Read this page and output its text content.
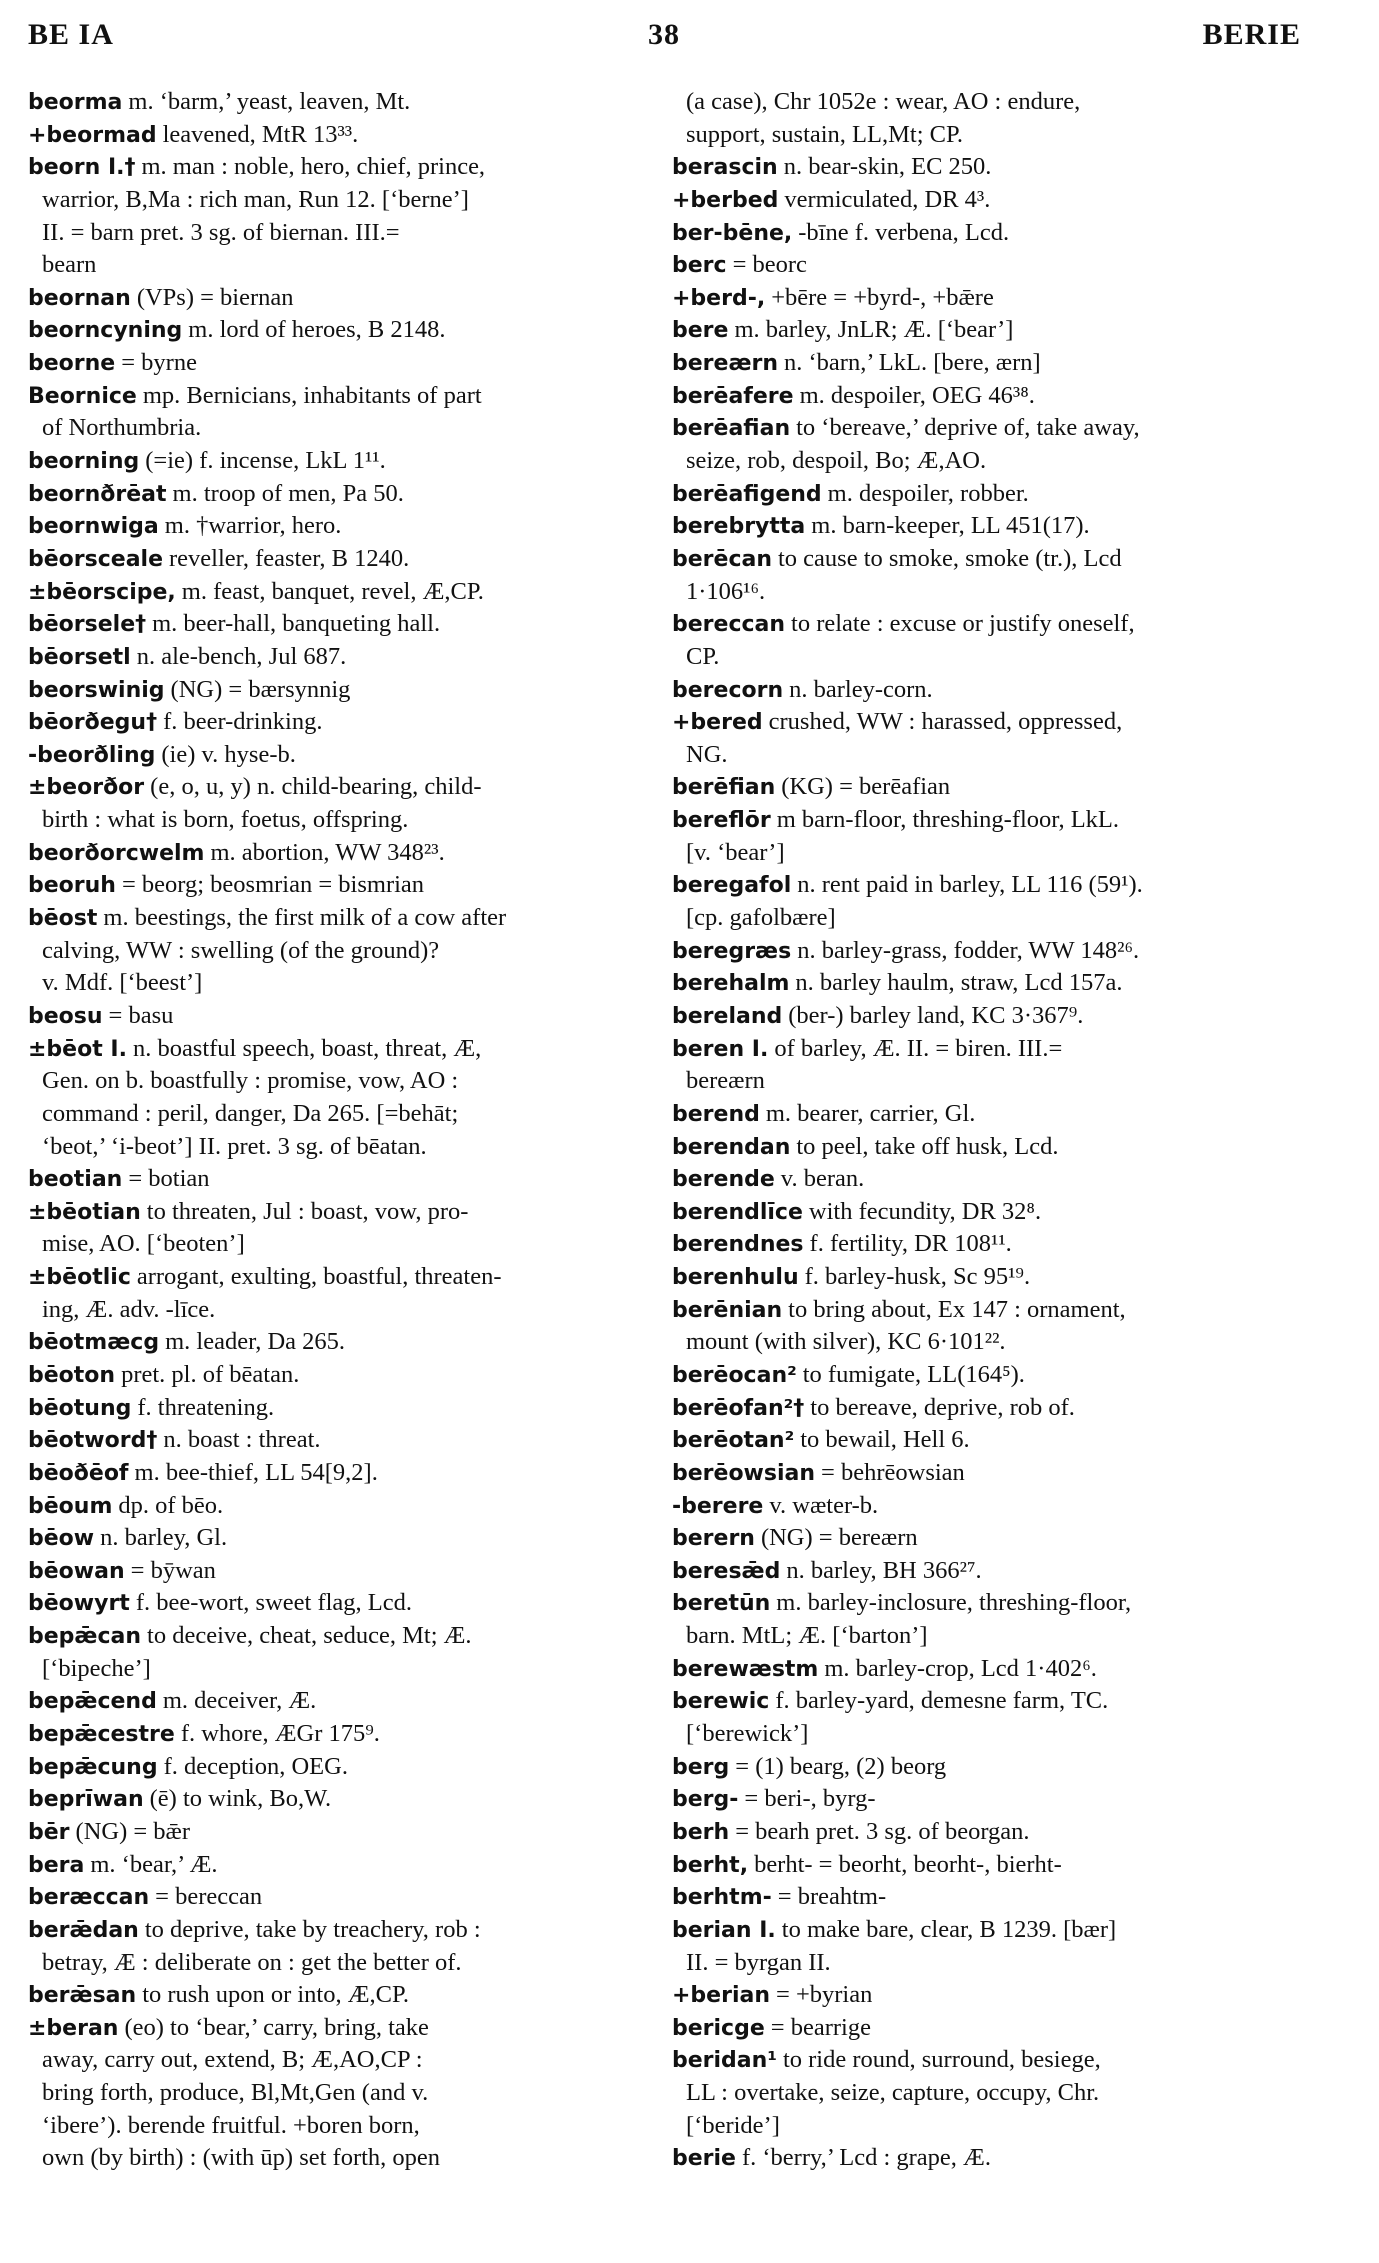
BE IA	38	BERIE
beorma m. ‘barm,’ yeast, leaven, Mt.
+beormad leavened, MtR 13³³.
beorn I.† m. man : noble, hero, chief, prince,
warrior, B,Ma : rich man, Run 12. [‘berne’]
II. = barn pret. 3 sg. of biernan. III.=
bearn
beornan (VPs) = biernan
beorncyning m. lord of heroes, B 2148.
beorne = byrne
Beornice mp. Bernicians, inhabitants of part
of Northumbria.
beorning (=ie) f. incense, LkL 1¹¹.
beornðrēat m. troop of men, Pa 50.
beornwiga m. †warrior, hero.
bēorsceale reveller, feaster, B 1240.
±bēorscipe, m. feast, banquet, revel, Æ,CP.
bēorsele† m. beer-hall, banqueting hall.
bēorsetl n. ale-bench, Jul 687.
beorswinig (NG) = bærsynnig
bēorðegu† f. beer-drinking.
-beorðling (ie) v. hyse-b.
±beorðor (e, o, u, y) n. child-bearing, child-
birth : what is born, foetus, offspring.
beorðorcwelm m. abortion, WW 348²³.
beoruh = beorg; beosmrian = bismrian
bēost m. beestings, the first milk of a cow after
calving, WW : swelling (of the ground)?
v. Mdf. [‘beest’]
beosu = basu
±bēot I. n. boastful speech, boast, threat, Æ,
Gen. on b. boastfully : promise, vow, AO :
command : peril, danger, Da 265. [=behāt;
‘beot,’ ‘i-beot’] II. pret. 3 sg. of bēatan.
beotian = botian
±bēotian to threaten, Jul : boast, vow, pro-
mise, AO. [‘beoten’]
±bēotlic arrogant, exulting, boastful, threaten-
ing, Æ. adv. -līce.
bēotmæcg m. leader, Da 265.
bēoton pret. pl. of bēatan.
bēotung f. threatening.
bēotword† n. boast : threat.
bēoðēof m. bee-thief, LL 54[9,2].
bēoum dp. of bēo.
bēow n. barley, Gl.
bēowan = bȳwan
bēowyrt f. bee-wort, sweet flag, Lcd.
bepǣcan to deceive, cheat, seduce, Mt; Æ.
[‘bipeche’]
bepǣcend m. deceiver, Æ.
bepǣcestre f. whore, ÆGr 175⁹.
bepǣcung f. deception, OEG.
beprīwan (ē) to wink, Bo,W.
bēr (NG) = bǣr
bera m. ‘bear,’ Æ.
beræccan = bereccan
berǣdan to deprive, take by treachery, rob :
betray, Æ : deliberate on : get the better of.
berǣsan to rush upon or into, Æ,CP.
±beran (eo) to ‘bear,’ carry, bring, take
away, carry out, extend, B; Æ,AO,CP :
bring forth, produce, Bl,Mt,Gen (and v.
‘ibere’). berende fruitful. +boren born,
own (by birth) : (with ūp) set forth, open
(a case), Chr 1052e : wear, AO : endure,
support, sustain, LL,Mt; CP.
berascin n. bear-skin, EC 250.
+berbed vermiculated, DR 4³.
ber-bēne, -bīne f. verbena, Lcd.
berc = beorc
+berd-, +bēre = +byrd-, +bǣre
bere m. barley, JnLR; Æ. [‘bear’]
bereærn n. ‘barn,’ LkL. [bere, ærn]
berēafere m. despoiler, OEG 46³⁸.
berēafian to ‘bereave,’ deprive of, take away,
seize, rob, despoil, Bo; Æ,AO.
berēafigend m. despoiler, robber.
berebrytta m. barn-keeper, LL 451(17).
berēcan to cause to smoke, smoke (tr.), Lcd
1·106¹⁶.
bereccan to relate : excuse or justify oneself,
CP.
berecorn n. barley-corn.
+bered crushed, WW : harassed, oppressed,
NG.
berēfian (KG) = berēafian
bereflōr m barn-floor, threshing-floor, LkL.
[v. ‘bear’]
beregafol n. rent paid in barley, LL 116 (59¹).
[cp. gafolbære]
beregræs n. barley-grass, fodder, WW 148²⁶.
berehalm n. barley haulm, straw, Lcd 157a.
bereland (ber-) barley land, KC 3·367⁹.
beren I. of barley, Æ. II. = biren. III.=
bereærn
berend m. bearer, carrier, Gl.
berendan to peel, take off husk, Lcd.
berende v. beran.
berendlīce with fecundity, DR 32⁸.
berendnes f. fertility, DR 108¹¹.
berenhulu f. barley-husk, Sc 95¹⁹.
berēnian to bring about, Ex 147 : ornament,
mount (with silver), KC 6·101²².
berēocan² to fumigate, LL(164⁵).
berēofan²† to bereave, deprive, rob of.
berēotan² to bewail, Hell 6.
berēowsian = behrēowsian
-berere v. wæter-b.
berern (NG) = bereærn
beresǣd n. barley, BH 366²⁷.
beretūn m. barley-inclosure, threshing-floor,
barn. MtL; Æ. [‘barton’]
berewæstm m. barley-crop, Lcd 1·402⁶.
berewic f. barley-yard, demesne farm, TC.
[‘berewick’]
berg = (1) bearg, (2) beorg
berg- = beri-, byrg-
berh = bearh pret. 3 sg. of beorgan.
berht, berht- = beorht, beorht-, bierht-
berhtm- = breahtm-
berian I. to make bare, clear, B 1239. [bær]
II. = byrgan II.
+berian = +byrian
bericge = bearrige
beridan¹ to ride round, surround, besiege,
LL : overtake, seize, capture, occupy, Chr.
[‘beride’]
berie f. ‘berry,’ Lcd : grape, Æ.
